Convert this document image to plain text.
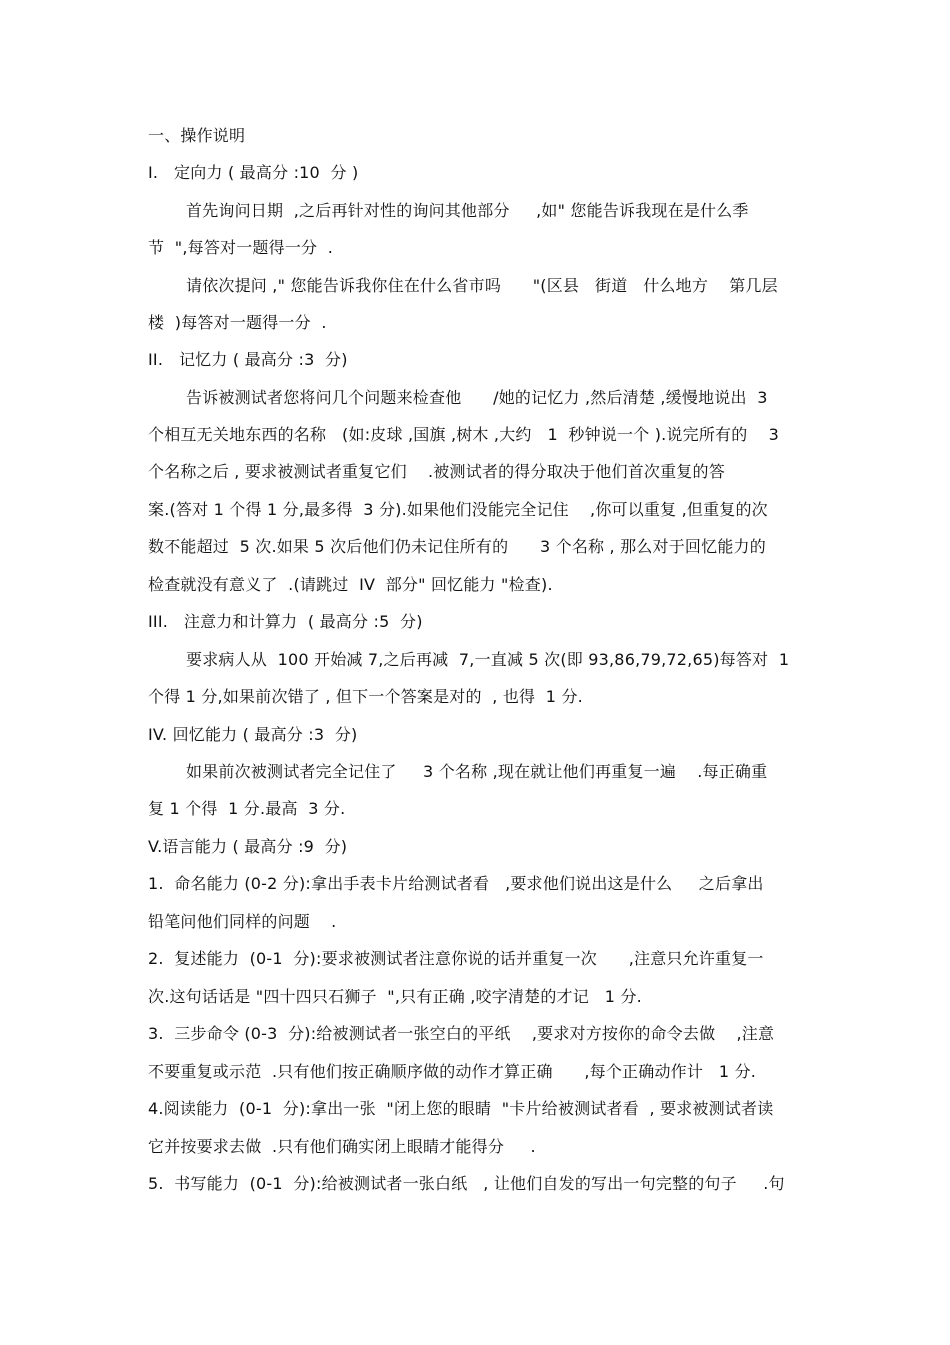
一、操作说明
I.   定向力 ( 最高分 :10  分 )
首先询问日期  ,之后再针对性的询问其他部分     ,如" 您能告诉我现在是什么季
节  ",每答对一题得一分  .
请依次提问 ," 您能告诉我你住在什么省市吗      "(区县   街道   什么地方    第几层
楼  )每答对一题得一分  .
II.   记忆力 ( 最高分 :3  分)
告诉被测试者您将问几个问题来检查他      /她的记忆力 ,然后清楚 ,缓慢地说出  3
个相互无关地东西的名称   (如:皮球 ,国旗 ,树木 ,大约   1  秒钟说一个 ).说完所有的    3
个名称之后 , 要求被测试者重复它们    .被测试者的得分取决于他们首次重复的答
案.(答对 1 个得 1 分,最多得  3 分).如果他们没能完全记住    ,你可以重复 ,但重复的次
数不能超过  5 次.如果 5 次后他们仍未记住所有的      3 个名称 , 那么对于回忆能力的
检查就没有意义了  .(请跳过  IV  部分" 回忆能力 "检查).
III.   注意力和计算力  ( 最高分 :5  分)
要求病人从  100 开始减 7,之后再减  7,一直减 5 次(即 93,86,79,72,65)每答对  1
个得 1 分,如果前次错了 , 但下一个答案是对的  , 也得  1 分.
IV. 回忆能力 ( 最高分 :3  分)
如果前次被测试者完全记住了     3 个名称 ,现在就让他们再重复一遍    .每正确重
复 1 个得  1 分.最高  3 分.
V.语言能力 ( 最高分 :9  分)
1.  命名能力 (0-2 分):拿出手表卡片给测试者看   ,要求他们说出这是什么     之后拿出
铅笔问他们同样的问题    .
2.  复述能力  (0-1  分):要求被测试者注意你说的话并重复一次      ,注意只允许重复一
次.这句话话是 "四十四只石狮子  ",只有正确 ,咬字清楚的才记   1 分.
3.  三步命令 (0-3  分):给被测试者一张空白的平纸    ,要求对方按你的命令去做    ,注意
不要重复或示范  .只有他们按正确顺序做的动作才算正确      ,每个正确动作计   1 分.
4.阅读能力  (0-1  分):拿出一张  "闭上您的眼睛  "卡片给被测试者看  , 要求被测试者读
它并按要求去做  .只有他们确实闭上眼睛才能得分     .
5.  书写能力  (0-1  分):给被测试者一张白纸   , 让他们自发的写出一句完整的句子     .句
